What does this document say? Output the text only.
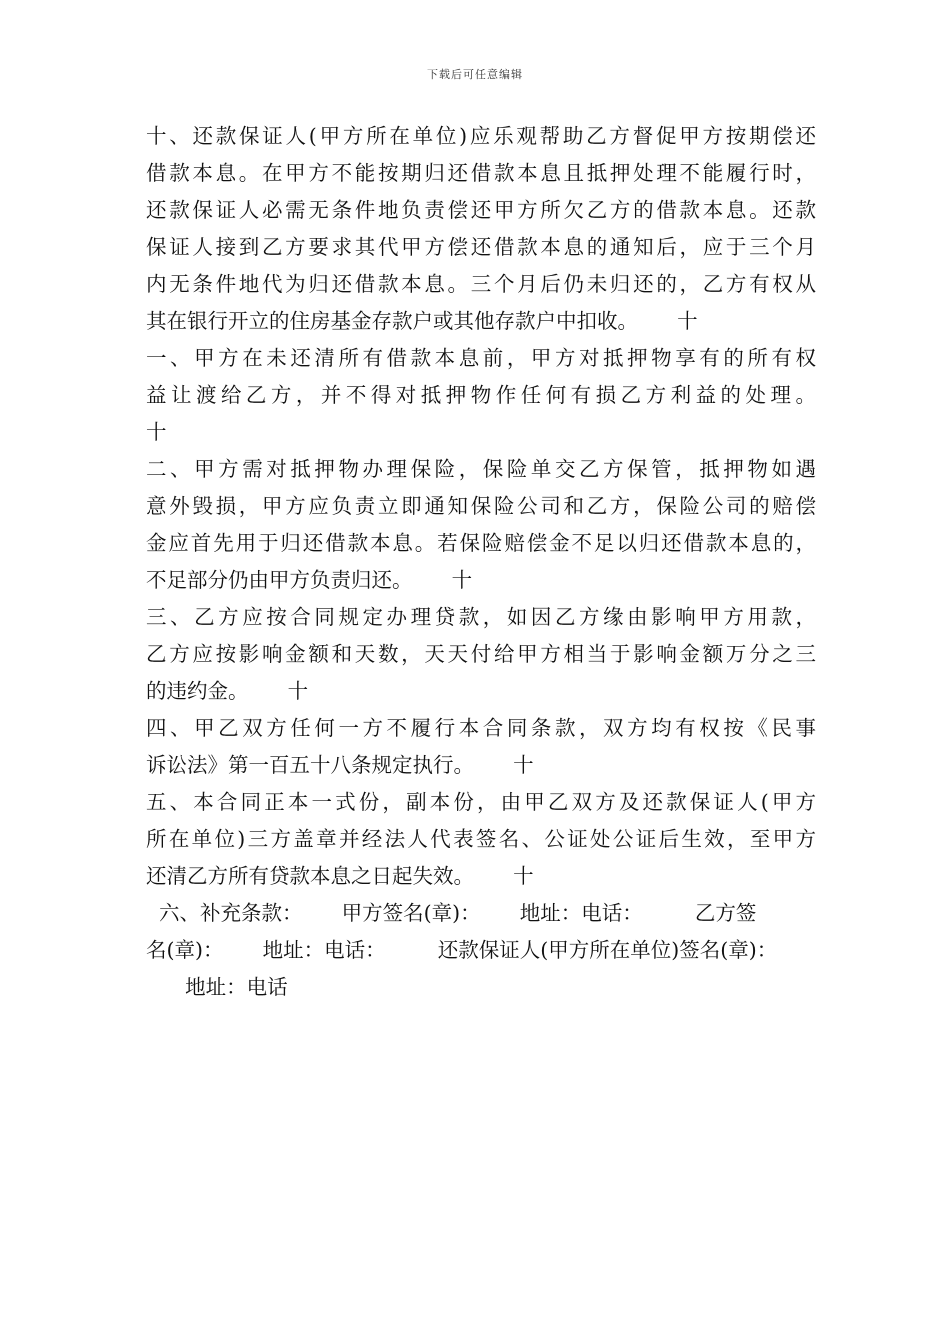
下载后可任意编辑
十、还款保证人(甲方所在单位)应乐观帮助乙方督促甲方按期偿还
借款本息。在甲方不能按期归还借款本息且抵押处理不能履行时，
还款保证人必需无条件地负责偿还甲方所欠乙方的借款本息。还款
保证人接到乙方要求其代甲方偿还借款本息的通知后，应于三个月
内无条件地代为归还借款本息。三个月后仍未归还的，乙方有权从
其在银行开立的住房基金存款户或其他存款户中扣收。      十
一、甲方在未还清所有借款本息前，甲方对抵押物享有的所有权
益让渡给乙方，并不得对抵押物作任何有损乙方利益的处理。
十
二、甲方需对抵押物办理保险，保险单交乙方保管，抵押物如遇
意外毁损，甲方应负责立即通知保险公司和乙方，保险公司的赔偿
金应首先用于归还借款本息。若保险赔偿金不足以归还借款本息的，
不足部分仍由甲方负责归还。      十
三、乙方应按合同规定办理贷款，如因乙方缘由影响甲方用款，
乙方应按影响金额和天数，天天付给甲方相当于影响金额万分之三
的违约金。      十
四、甲乙双方任何一方不履行本合同条款，双方均有权按《民事
诉讼法》第一百五十八条规定执行。      十
五、本合同正本一式份，副本份，由甲乙双方及还款保证人(甲方
所在单位)三方盖章并经法人代表签名、公证处公证后生效，至甲方
还清乙方所有贷款本息之日起失效。      十
六、补充条款：      甲方签名(章)：      地址：电话：        乙方签
名(章)：      地址：电话：        还款保证人(甲方所在单位)签名(章)：
地址：电话
